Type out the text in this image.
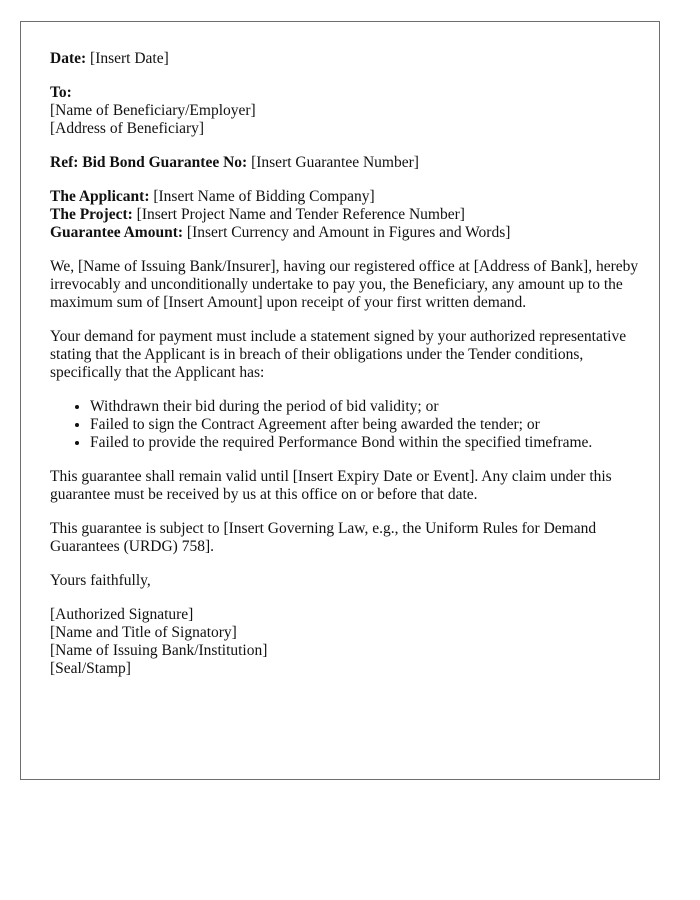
Date: [Insert Date]

To:
[Name of Beneficiary/Employer]
[Address of Beneficiary]

Ref: Bid Bond Guarantee No: [Insert Guarantee Number]

The Applicant: [Insert Name of Bidding Company]
The Project: [Insert Project Name and Tender Reference Number]
Guarantee Amount: [Insert Currency and Amount in Figures and Words]

We, [Name of Issuing Bank/Insurer], having our registered office at [Address of Bank], hereby irrevocably and unconditionally undertake to pay you, the Beneficiary, any amount up to the maximum sum of [Insert Amount] upon receipt of your first written demand.

Your demand for payment must include a statement signed by your authorized representative stating that the Applicant is in breach of their obligations under the Tender conditions, specifically that the Applicant has:

• Withdrawn their bid during the period of bid validity; or
• Failed to sign the Contract Agreement after being awarded the tender; or
• Failed to provide the required Performance Bond within the specified timeframe.

This guarantee shall remain valid until [Insert Expiry Date or Event]. Any claim under this guarantee must be received by us at this office on or before that date.

This guarantee is subject to [Insert Governing Law, e.g., the Uniform Rules for Demand Guarantees (URDG) 758].

Yours faithfully,

[Authorized Signature]
[Name and Title of Signatory]
[Name of Issuing Bank/Institution]
[Seal/Stamp]
